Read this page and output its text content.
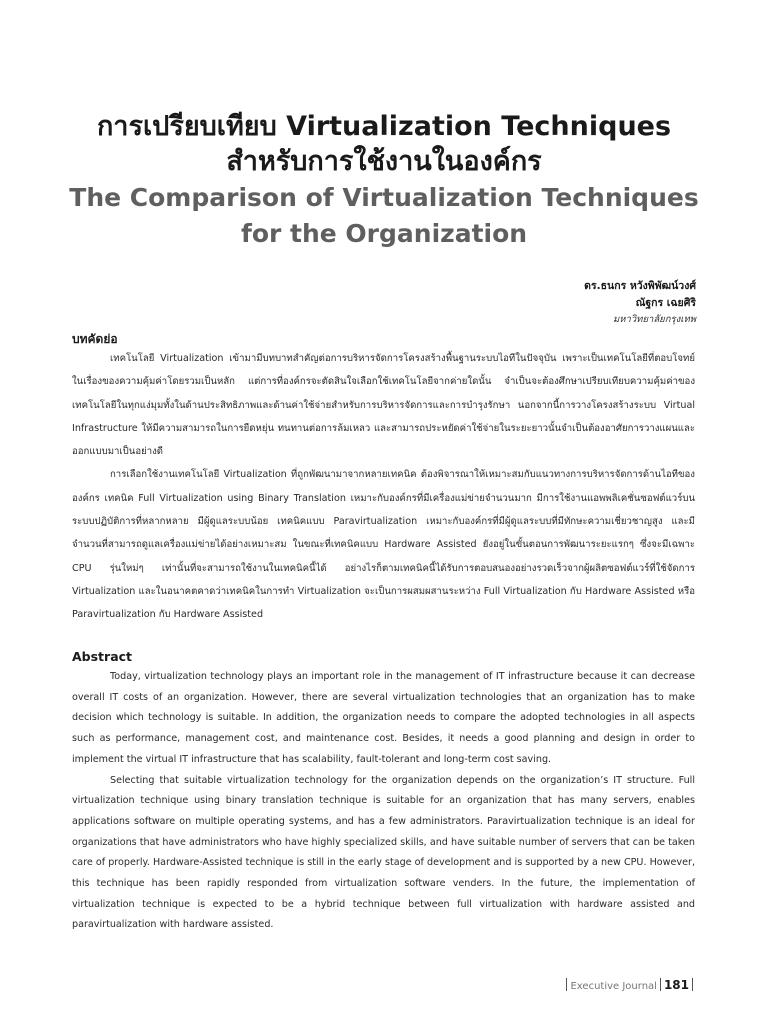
การเปรียบเทียบ Virtualization Techniques
สำหรับการใช้งานในองค์กร
The Comparison of Virtualization Techniques
for the Organization
ดร.ธนกร หวังพิพัฒน์วงศ์
ณัฐกร เฉยศิริ
มหาวิทยาลัยกรุงเทพ
บทคัดย่อ

เทคโนโลยี Virtualization เข้ามามีบทบาทสำคัญต่อการบริหารจัดการโครงสร้างพื้นฐานระบบไอทีในปัจจุบัน เพราะเป็นเทคโนโลยีที่ตอบโจทย์ในเรื่องของความคุ้มค่าโดยรวมเป็นหลัก แต่การที่องค์กรจะตัดสินใจเลือกใช้เทคโนโลยีจากค่ายใดนั้น จำเป็นจะต้องศึกษาเปรียบเทียบความคุ้มค่าของเทคโนโลยีในทุกแง่มุมทั้งในด้านประสิทธิภาพและด้านค่าใช้จ่ายสำหรับการบริหารจัดการและการบำรุงรักษา นอกจากนี้การวางโครงสร้างระบบ Virtual Infrastructure ให้มีความสามารถในการยืดหยุ่น ทนทานต่อการล้มเหลว และสามารถประหยัดค่าใช้จ่ายในระยะยาวนั้นจำเป็นต้องอาศัยการวางแผนและออกแบบมาเป็นอย่างดี

การเลือกใช้งานเทคโนโลยี Virtualization ที่ถูกพัฒนามาจากหลายเทคนิค ต้องพิจารณาให้เหมาะสมกับแนวทางการบริหารจัดการด้านไอทีขององค์กร เทคนิค Full Virtualization using Binary Translation เหมาะกับองค์กรที่มีเครื่องแม่ข่ายจำนวนมาก มีการใช้งานแอพพลิเคชั่นซอฟต์แวร์บนระบบปฏิบัติการที่หลากหลาย มีผู้ดูแลระบบน้อย เทคนิคแบบ Paravirtualization เหมาะกับองค์กรที่มีผู้ดูแลระบบที่มีทักษะความเชี่ยวชาญสูง และมีจำนวนที่สามารถดูแลเครื่องแม่ข่ายได้อย่างเหมาะสม ในขณะที่เทคนิคแบบ Hardware Assisted ยังอยู่ในขั้นตอนการพัฒนาระยะแรกๆ ซึ่งจะมีเฉพาะ CPU รุ่นใหม่ๆ เท่านั้นที่จะสามารถใช้งานในเทคนิคนี้ได้ อย่างไรก็ตามเทคนิคนี้ได้รับการตอบสนองอย่างรวดเร็วจากผู้ผลิตซอฟต์แวร์ที่ใช้จัดการ Virtualization และในอนาคตคาดว่าเทคนิคในการทำ Virtualization จะเป็นการผสมผสานระหว่าง Full Virtualization กับ Hardware Assisted หรือ Paravirtualization กับ Hardware Assisted

Abstract

Today, virtualization technology plays an important role in the management of IT infrastructure because it can decrease overall IT costs of an organization. However, there are several virtualization technologies that an organization has to make decision which technology is suitable. In addition, the organization needs to compare the adopted technologies in all aspects such as performance, management cost, and maintenance cost. Besides, it needs a good planning and design in order to implement the virtual IT infrastructure that has scalability, fault-tolerant and long-term cost saving.

Selecting that suitable virtualization technology for the organization depends on the organization’s IT structure. Full virtualization technique using binary translation technique is suitable for an organization that has many servers, enables applications software on multiple operating systems, and has a few administrators. Paravirtualization technique is an ideal for organizations that have administrators who have highly specialized skills, and have suitable number of servers that can be taken care of properly. Hardware-Assisted technique is still in the early stage of development and is supported by a new CPU. However, this technique has been rapidly responded from virtualization software venders. In the future, the implementation of virtualization technique is expected to be a hybrid technique between full virtualization with hardware assisted and paravirtualization with hardware assisted.

Executive Journal 181
